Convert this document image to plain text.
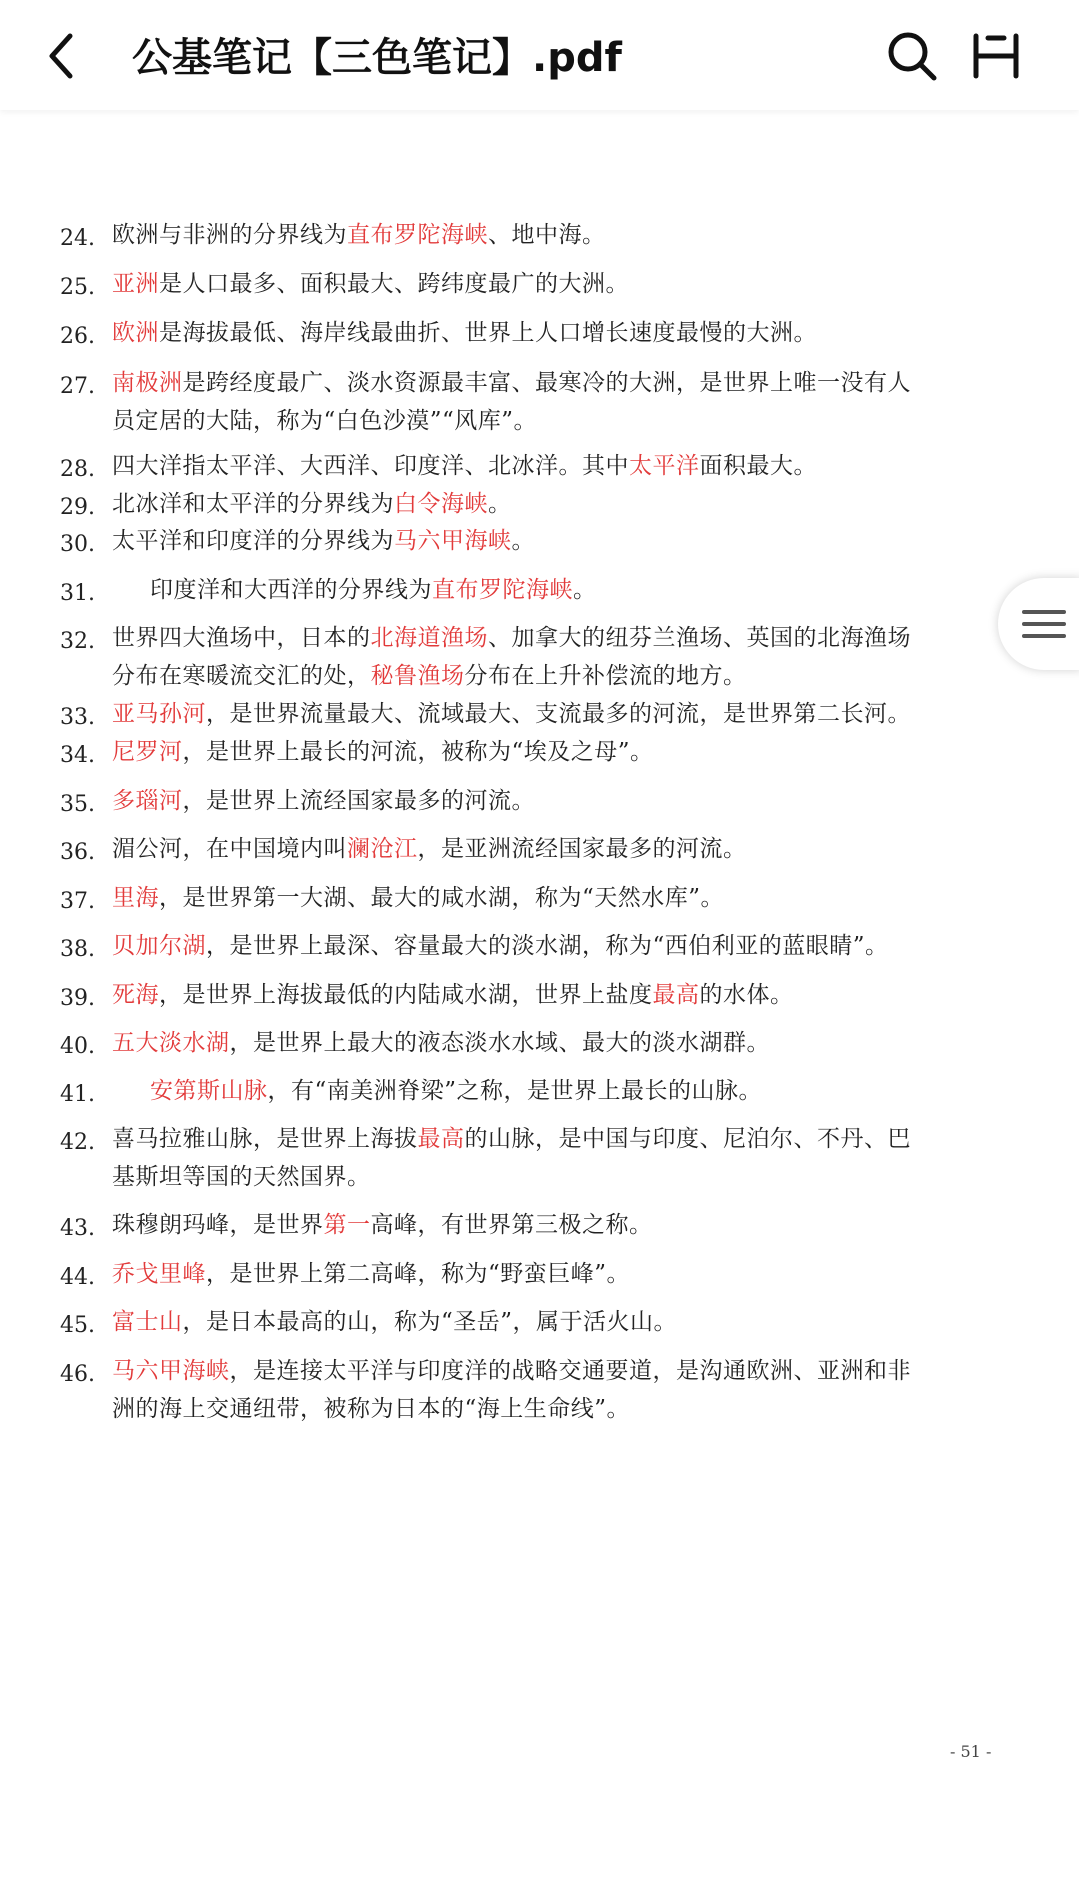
公基笔记【三色笔记】.pdf
- 51 -
24. 欧洲与非洲的分界线为直布罗陀海峡、地中海。
25. 亚洲是人口最多、面积最大、跨纬度最广的大洲。
26. 欧洲是海拔最低、海岸线最曲折、世界上人口增长速度最慢的大洲。
27. 南极洲是跨经度最广、淡水资源最丰富、最寒冷的大洲，是世界上唯一没有人
员定居的大陆，称为“白色沙漠”“风库”。
28. 四大洋指太平洋、大西洋、印度洋、北冰洋。其中太平洋面积最大。
29. 北冰洋和太平洋的分界线为白令海峡。
30. 太平洋和印度洋的分界线为马六甲海峡。
31.	印度洋和大西洋的分界线为直布罗陀海峡。
32. 世界四大渔场中，日本的北海道渔场、加拿大的纽芬兰渔场、英国的北海渔场
分布在寒暖流交汇的处，秘鲁渔场分布在上升补偿流的地方。
33. 亚马孙河，是世界流量最大、流域最大、支流最多的河流，是世界第二长河。
34. 尼罗河，是世界上最长的河流，被称为“埃及之母”。
35. 多瑙河，是世界上流经国家最多的河流。
36. 湄公河，在中国境内叫澜沧江，是亚洲流经国家最多的河流。
37. 里海，是世界第一大湖、最大的咸水湖，称为“天然水库”。
38. 贝加尔湖，是世界上最深、容量最大的淡水湖，称为“西伯利亚的蓝眼睛”。
39. 死海，是世界上海拔最低的内陆咸水湖，世界上盐度最高的水体。
40. 五大淡水湖，是世界上最大的液态淡水水域、最大的淡水湖群。
41.	安第斯山脉，有“南美洲脊梁”之称，是世界上最长的山脉。
42. 喜马拉雅山脉，是世界上海拔最高的山脉，是中国与印度、尼泊尔、不丹、巴
基斯坦等国的天然国界。
43. 珠穆朗玛峰，是世界第一高峰，有世界第三极之称。
44. 乔戈里峰，是世界上第二高峰，称为“野蛮巨峰”。
45. 富士山，是日本最高的山，称为“圣岳”，属于活火山。
46. 马六甲海峡，是连接太平洋与印度洋的战略交通要道，是沟通欧洲、亚洲和非
洲的海上交通纽带，被称为日本的“海上生命线”。
